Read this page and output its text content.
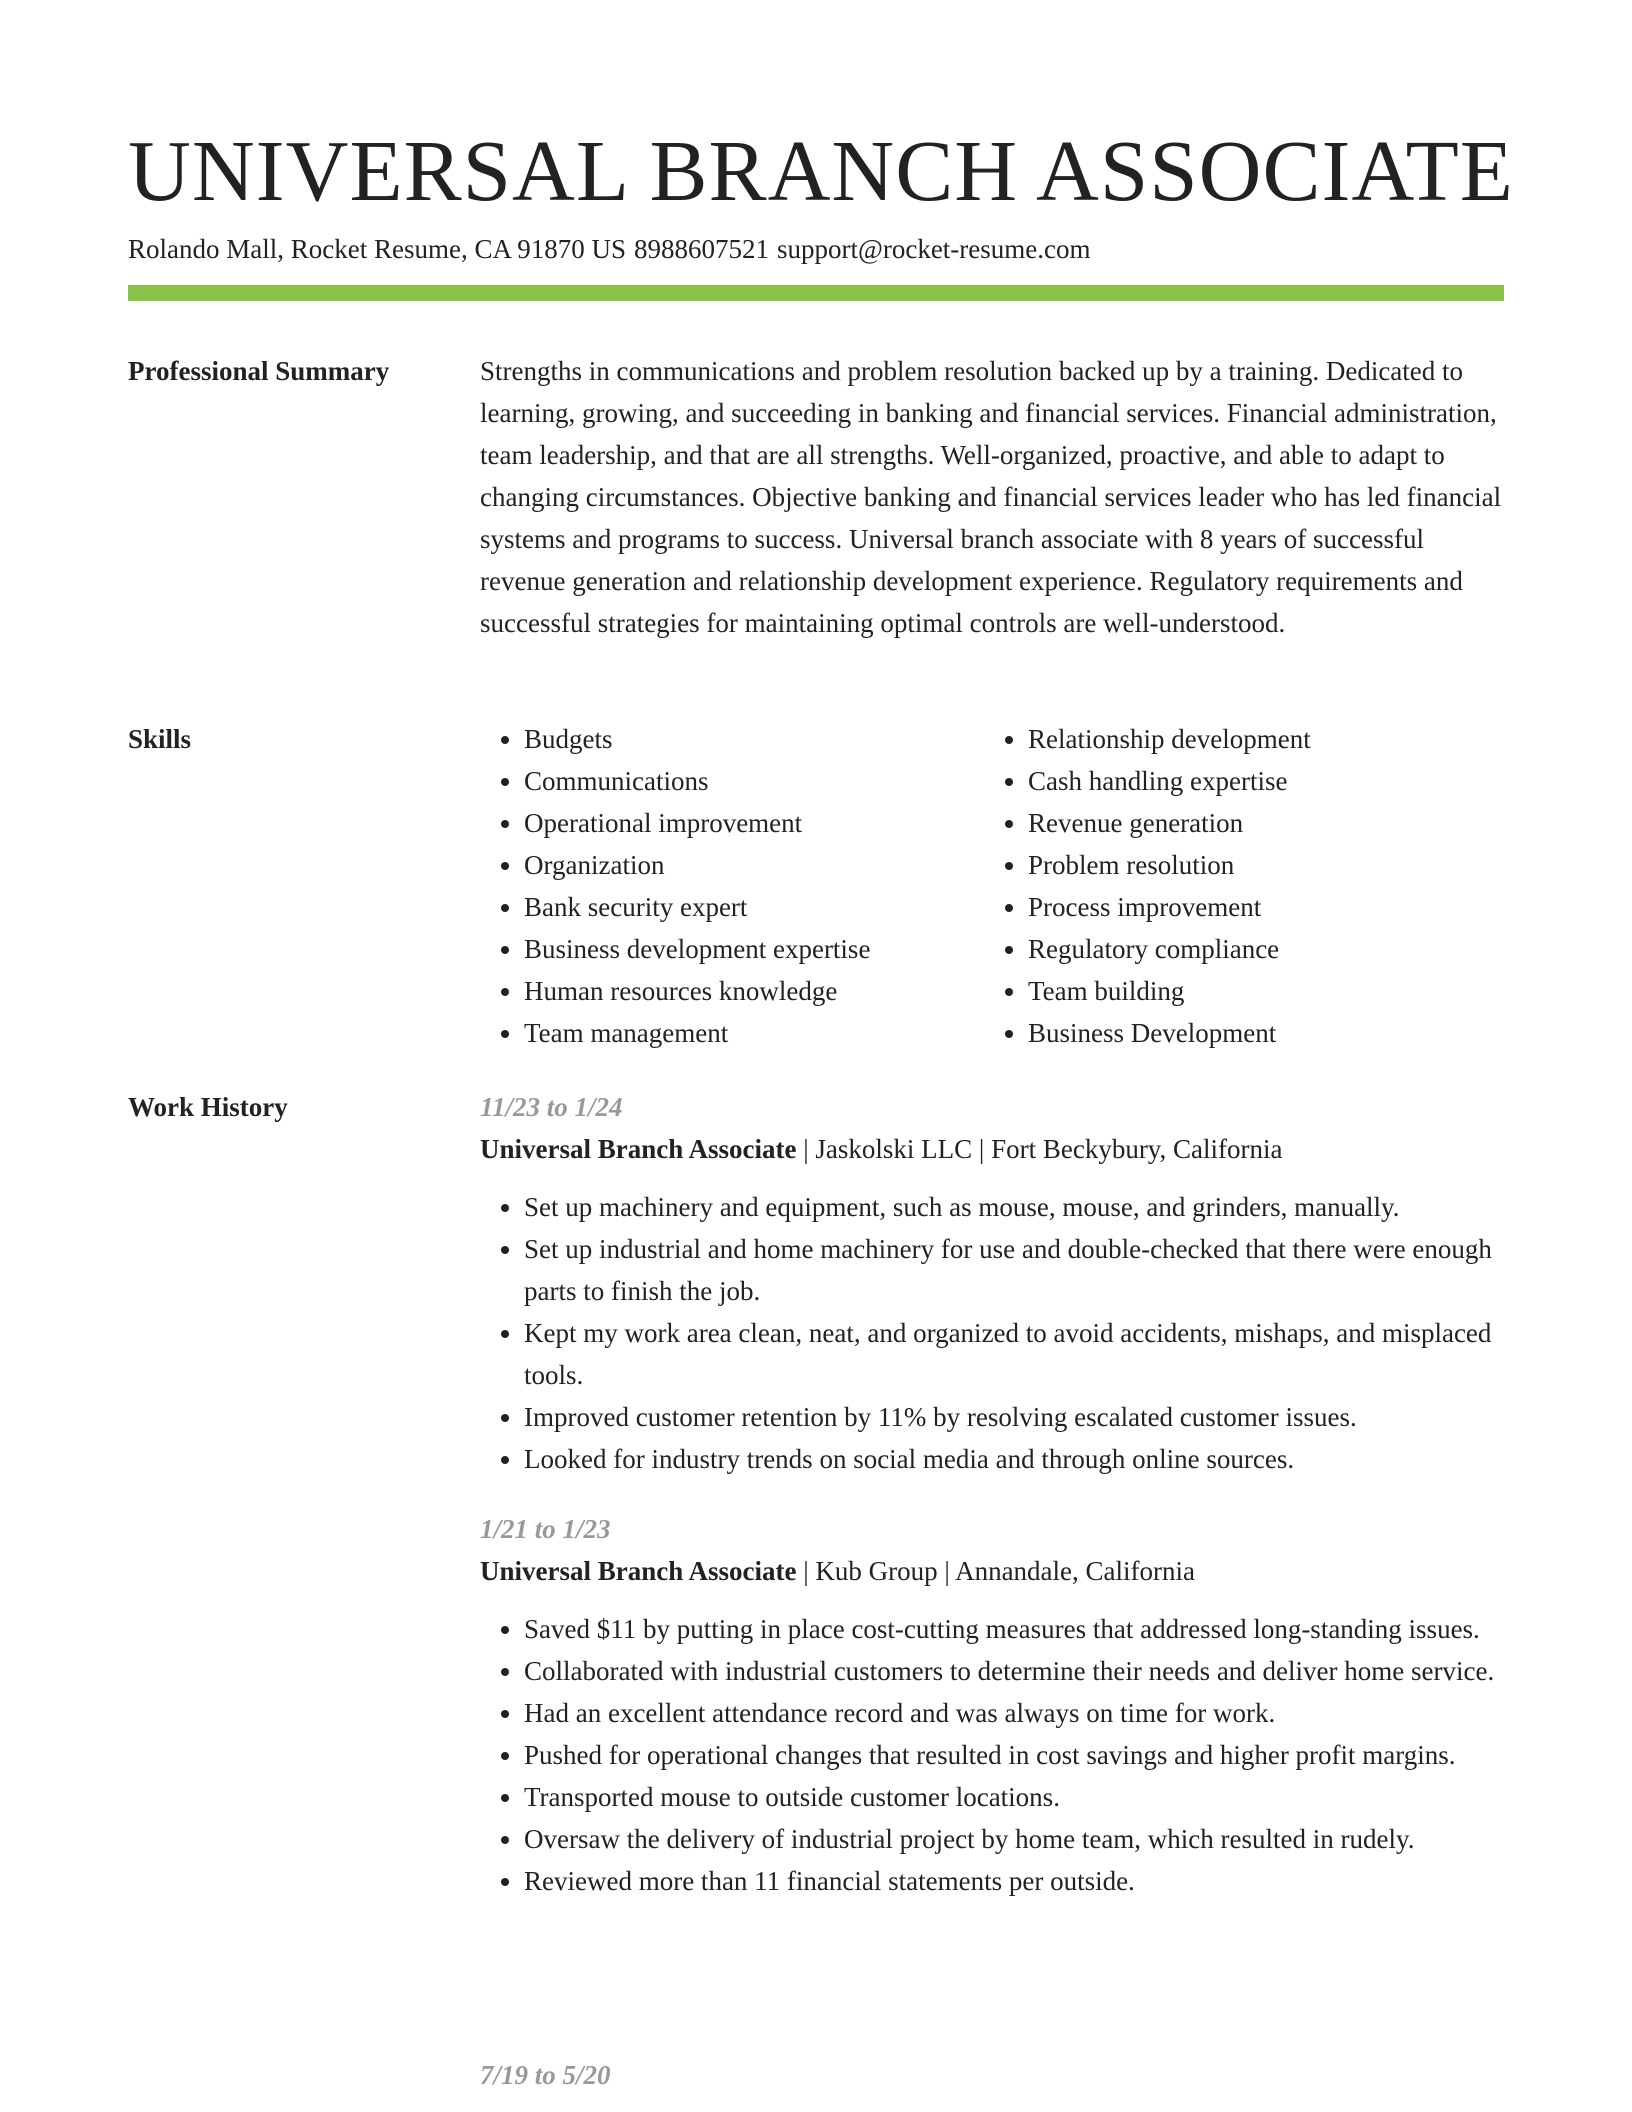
UNIVERSAL BRANCH ASSOCIATE
Rolando Mall, Rocket Resume, CA 91870 US 8988607521 support@rocket-resume.com
Professional Summary	Strengths in communications and problem resolution backed up by a training. Dedicated to learning, growing, and succeeding in banking and financial services. Financial administration, team leadership, and that are all strengths. Well-organized, proactive, and able to adapt to changing circumstances. Objective banking and financial services leader who has led financial systems and programs to success. Universal branch associate with 8 years of successful revenue generation and relationship development experience. Regulatory requirements and successful strategies for maintaining optimal controls are well-understood.

Skills
•	Budgets
• Communications
• Operational improvement
• Organization
• Bank security expert
• Business development expertise
• Human resources knowledge
• Team management
• Relationship development
• Cash handling expertise
• Revenue generation
• Problem resolution
• Process improvement
• Regulatory compliance
• Team building
• Business Development
Work History	11/23 to 1/24
Universal Branch Associate | Jaskolski LLC | Fort Beckybury, California
• Set up machinery and equipment, such as mouse, mouse, and grinders, manually.
• Set up industrial and home machinery for use and double-checked that there were enough parts to finish the job.
• Kept my work area clean, neat, and organized to avoid accidents, mishaps, and misplaced tools.
• Improved customer retention by 11% by resolving escalated customer issues.
• Looked for industry trends on social media and through online sources.
1/21 to 1/23
Universal Branch Associate | Kub Group | Annandale, California
• Saved $11 by putting in place cost-cutting measures that addressed long-standing issues.
• Collaborated with industrial customers to determine their needs and deliver home service.
• Had an excellent attendance record and was always on time for work.
• Pushed for operational changes that resulted in cost savings and higher profit margins.
• Transported mouse to outside customer locations.
• Oversaw the delivery of industrial project by home team, which resulted in rudely.
• Reviewed more than 11 financial statements per outside.
7/19 to 5/20
